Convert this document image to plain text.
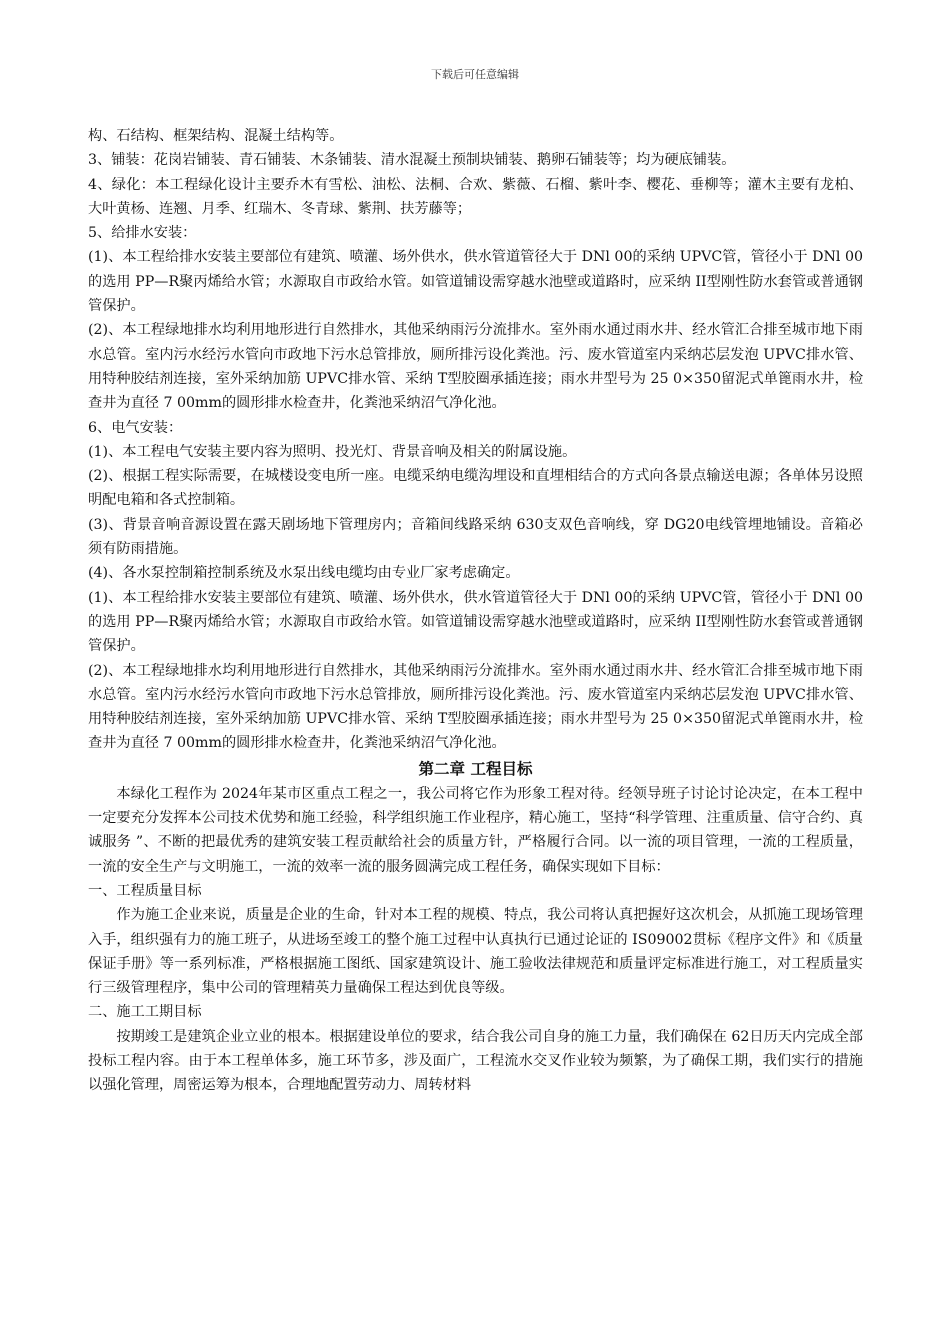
下载后可任意编辑

构、石结构、框架结构、混凝土结构等。

3、铺装：花岗岩铺装、青石铺装、木条铺装、清水混凝土预制块铺装、鹅卵石铺装等；均为硬底铺装。

4、绿化：本工程绿化设计主要乔木有雪松、油松、法桐、合欢、紫薇、石榴、紫叶李、樱花、垂柳等；灌木主要有龙柏、大叶黄杨、连翘、月季、红瑞木、冬青球、紫荆、扶芳藤等；

5、给排水安装：

(1)、本工程给排水安装主要部位有建筑、喷灌、场外供水，供水管道管径大于 DNl 00的采纳 UPVC管，管径小于 DNl 00的选用 PP—R聚丙烯给水管；水源取自市政给水管。如管道铺设需穿越水池壁或道路时，应采纳 II型刚性防水套管或普通钢管保护。

(2)、本工程绿地排水均利用地形进行自然排水，其他采纳雨污分流排水。室外雨水通过雨水井、经水管汇合排至城市地下雨水总管。室内污水经污水管向市政地下污水总管排放，厕所排污设化粪池。污、废水管道室内采纳芯层发泡 UPVC排水管、用特种胶结剂连接，室外采纳加筋 UPVC排水管、采纳 T型胶圈承插连接；雨水井型号为 25 0×350留泥式单篦雨水井，检查井为直径 7 00mm的圆形排水检查井，化粪池采纳沼气净化池。

6、电气安装：

(1)、本工程电气安装主要内容为照明、投光灯、背景音响及相关的附属设施。

(2)、根据工程实际需要，在城楼设变电所一座。电缆采纳电缆沟埋设和直埋相结合的方式向各景点输送电源；各单体另设照明配电箱和各式控制箱。

(3)、背景音响音源设置在露天剧场地下管理房内；音箱间线路采纳 630支双色音响线，穿 DG20电线管埋地铺设。音箱必须有防雨措施。

(4)、各水泵控制箱控制系统及水泵出线电缆均由专业厂家考虑确定。

(1)、本工程给排水安装主要部位有建筑、喷灌、场外供水，供水管道管径大于 DNl 00的采纳 UPVC管，管径小于 DNl 00的选用 PP—R聚丙烯给水管；水源取自市政给水管。如管道铺设需穿越水池壁或道路时，应采纳 II型刚性防水套管或普通钢管保护。

(2)、本工程绿地排水均利用地形进行自然排水，其他采纳雨污分流排水。室外雨水通过雨水井、经水管汇合排至城市地下雨水总管。室内污水经污水管向市政地下污水总管排放，厕所排污设化粪池。污、废水管道室内采纳芯层发泡 UPVC排水管、用特种胶结剂连接，室外采纳加筋 UPVC排水管、采纳 T型胶圈承插连接；雨水井型号为 25 0×350留泥式单篦雨水井，检查井为直径 7 00mm的圆形排水检查井，化粪池采纳沼气净化池。

第二章 工程目标

本绿化工程作为 2024年某市区重点工程之一，我公司将它作为形象工程对待。经领导班子讨论讨论决定，在本工程中一定要充分发挥本公司技术优势和施工经验，科学组织施工作业程序，精心施工，坚持“科学管理、注重质量、信守合约、真诚服务 ”、不断的把最优秀的建筑安装工程贡献给社会的质量方针，严格履行合同。以一流的项目管理，一流的工程质量，一流的安全生产与文明施工，一流的效率一流的服务圆满完成工程任务，确保实现如下目标：

一、工程质量目标

作为施工企业来说，质量是企业的生命，针对本工程的规模、特点，我公司将认真把握好这次机会，从抓施工现场管理入手，组织强有力的施工班子，从进场至竣工的整个施工过程中认真执行已通过论证的 IS09002贯标《程序文件》和《质量保证手册》等一系列标准，严格根据施工图纸、国家建筑设计、施工验收法律规范和质量评定标准进行施工，对工程质量实行三级管理程序，集中公司的管理精英力量确保工程达到优良等级。

二、施工工期目标

按期竣工是建筑企业立业的根本。根据建设单位的要求，结合我公司自身的施工力量，我们确保在 62日历天内完成全部投标工程内容。由于本工程单体多，施工环节多，涉及面广，工程流水交叉作业较为频繁，为了确保工期，我们实行的措施以强化管理，周密运筹为根本，合理地配置劳动力、周转材料
